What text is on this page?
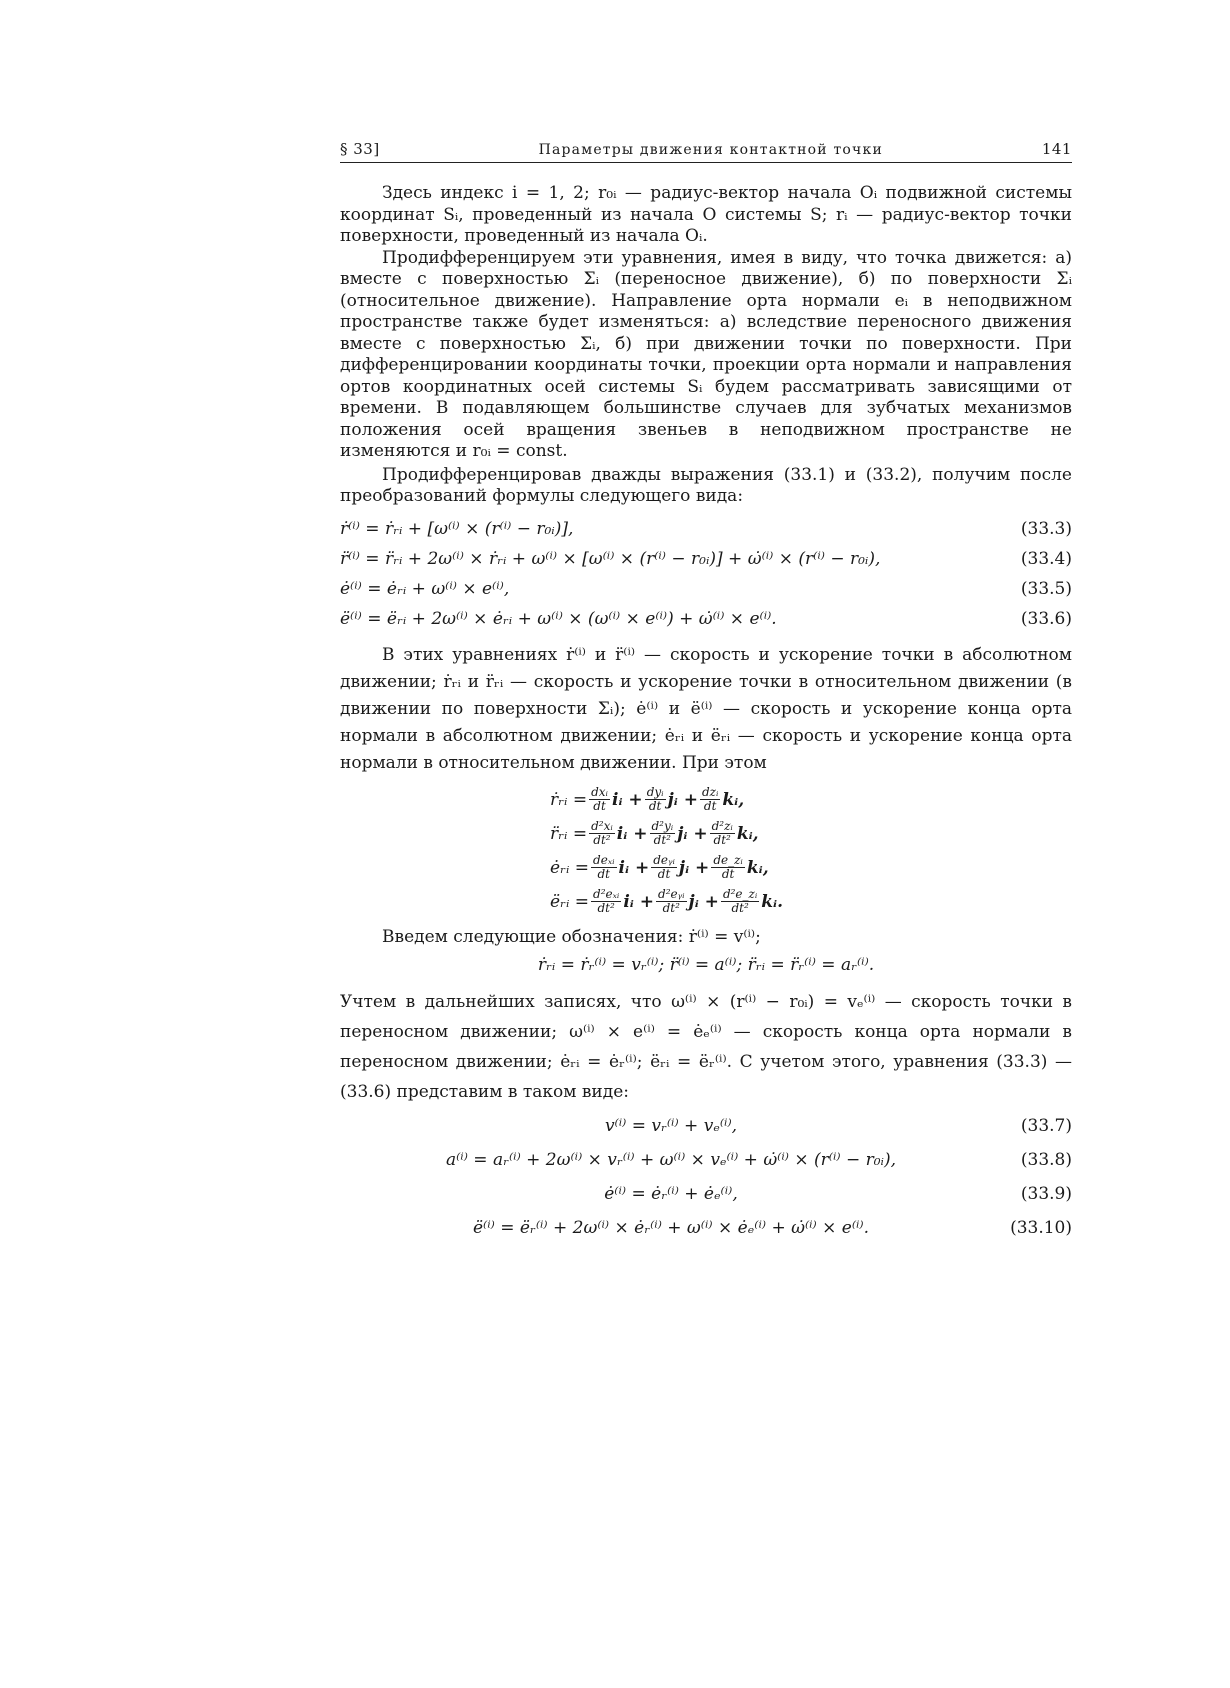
§ 33]	Параметры движения контактной точки	141

Здесь индекс i = 1, 2; r₀ᵢ — радиус-вектор начала Oᵢ подвижной системы координат Sᵢ, проведенный из начала O системы S; rᵢ — радиус-вектор точки поверхности, проведенный из начала Oᵢ.

Продифференцируем эти уравнения, имея в виду, что точка движется: а) вместе с поверхностью Σᵢ (переносное движение), б) по поверхности Σᵢ (относительное движение). Направление орта нормали eᵢ в неподвижном пространстве также будет изменяться: а) вследствие переносного движения вместе с поверхностью Σᵢ, б) при движении точки по поверхности. При дифференцировании координаты точки, проекции орта нормали и направления ортов координатных осей системы Sᵢ будем рассматривать зависящими от времени. В подавляющем большинстве случаев для зубчатых механизмов положения осей вращения звеньев в неподвижном пространстве не изменяются и r₀ᵢ = const.

Продифференцировав дважды выражения (33.1) и (33.2), получим после преобразований формулы следующего вида:

ṙ⁽ⁱ⁾ = ṙᵣᵢ + [ω⁽ⁱ⁾ × (r⁽ⁱ⁾ − r₀ᵢ)],	(33.3)
r̈⁽ⁱ⁾ = r̈ᵣᵢ + 2ω⁽ⁱ⁾ × ṙᵣᵢ + ω⁽ⁱ⁾ × [ω⁽ⁱ⁾ × (r⁽ⁱ⁾ − r₀ᵢ)] + ω̇⁽ⁱ⁾ × (r⁽ⁱ⁾ − r₀ᵢ),	(33.4)
ė⁽ⁱ⁾ = ėᵣᵢ + ω⁽ⁱ⁾ × e⁽ⁱ⁾,	(33.5)
ë⁽ⁱ⁾ = ëᵣᵢ + 2ω⁽ⁱ⁾ × ėᵣᵢ + ω⁽ⁱ⁾ × (ω⁽ⁱ⁾ × e⁽ⁱ⁾) + ω̇⁽ⁱ⁾ × e⁽ⁱ⁾.	(33.6)

В этих уравнениях ṙ⁽ⁱ⁾ и r̈⁽ⁱ⁾ — скорость и ускорение точки в абсолютном движении; ṙᵣᵢ и r̈ᵣᵢ — скорость и ускорение точки в относительном движении (в движении по поверхности Σᵢ); ė⁽ⁱ⁾ и ë⁽ⁱ⁾ — скорость и ускорение конца орта нормали в абсолютном движении; ėᵣᵢ и ëᵣᵢ — скорость и ускорение конца орта нормали в относительном движении. При этом

ṙᵣᵢ = $\frac{\text{dxᵢ}}{dt}$ iᵢ + $\frac{\text{dyᵢ}}{dt}$ jᵢ + $\frac{\text{dzᵢ}}{dt}$ kᵢ,
r̈ᵣᵢ = $\frac{\text{d²xᵢ}}{\text{dt²}}$ iᵢ + $\frac{\text{d²yᵢ}}{\text{dt²}}$ jᵢ + $\frac{\text{d²zᵢ}}{\text{dt²}}$ kᵢ,
ėᵣᵢ = $\frac{\text{deₓᵢ}}{dt}$ iᵢ + $\frac{\text{deᵧᵢ}}{dt}$ jᵢ + $\frac{\text{de\_zᵢ}}{dt}$ kᵢ,
ëᵣᵢ = $\frac{\text{d²eₓᵢ}}{\text{dt²}}$ iᵢ + $\frac{\text{d²eᵧᵢ}}{\text{dt²}}$ jᵢ + $\frac{\text{d²e\_zᵢ}}{\text{dt²}}$ kᵢ.

Введем следующие обозначения: ṙ⁽ⁱ⁾ = v⁽ⁱ⁾;

ṙᵣᵢ = ṙᵣ⁽ⁱ⁾ = vᵣ⁽ⁱ⁾; r̈⁽ⁱ⁾ = a⁽ⁱ⁾; r̈ᵣᵢ = r̈ᵣ⁽ⁱ⁾ = aᵣ⁽ⁱ⁾.

Учтем в дальнейших записях, что ω⁽ⁱ⁾ × (r⁽ⁱ⁾ − r₀ᵢ) = vₑ⁽ⁱ⁾ — скорость точки в переносном движении; ω⁽ⁱ⁾ × e⁽ⁱ⁾ = ėₑ⁽ⁱ⁾ — скорость конца орта нормали в переносном движении; ėᵣᵢ = ėᵣ⁽ⁱ⁾; ëᵣᵢ = ëᵣ⁽ⁱ⁾. С учетом этого, уравнения (33.3) — (33.6) представим в таком виде:

v⁽ⁱ⁾ = vᵣ⁽ⁱ⁾ + vₑ⁽ⁱ⁾,	(33.7)
a⁽ⁱ⁾ = aᵣ⁽ⁱ⁾ + 2ω⁽ⁱ⁾ × vᵣ⁽ⁱ⁾ + ω⁽ⁱ⁾ × vₑ⁽ⁱ⁾ + ω̇⁽ⁱ⁾ × (r⁽ⁱ⁾ − r₀ᵢ),	(33.8)
ė⁽ⁱ⁾ = ėᵣ⁽ⁱ⁾ + ėₑ⁽ⁱ⁾,	(33.9)
ë⁽ⁱ⁾ = ëᵣ⁽ⁱ⁾ + 2ω⁽ⁱ⁾ × ėᵣ⁽ⁱ⁾ + ω⁽ⁱ⁾ × ėₑ⁽ⁱ⁾ + ω̇⁽ⁱ⁾ × e⁽ⁱ⁾.	(33.10)
